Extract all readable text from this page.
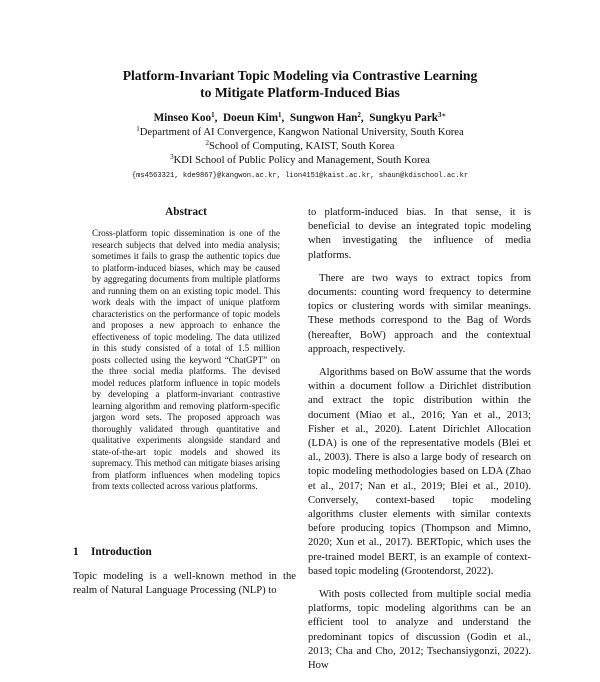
Platform-Invariant Topic Modeling via Contrastive Learning
to Mitigate Platform-Induced Bias
Minseo Koo$^1$,  Doeun Kim$^1$,  Sungwon Han$^2$,  Sungkyu Park$^{3∗}$
$^1$Department of AI Convergence, Kangwon National University, South Korea
$^2$School of Computing, KAIST, South Korea
$^3$KDI School of Public Policy and Management, South Korea
{ms4563321, kde9867}@kangwon.ac.kr, lion4151@kaist.ac.kr, shaun@kdischool.ac.kr
Abstract
Cross-platform topic dissemination is one of the research subjects that delved into media analysis; sometimes it fails to grasp the authentic topics due to platform-induced biases, which may be caused by aggregating documents from multiple platforms and running them on an existing topic model. This work deals with the impact of unique platform characteristics on the performance of topic models and proposes a new approach to enhance the effectiveness of topic modeling. The data utilized in this study consisted of a total of 1.5 million posts collected using the keyword “ChatGPT” on the three social media platforms. The devised model reduces platform influence in topic models by developing a platform-invariant contrastive learning algorithm and removing platform-specific jargon word sets. The proposed approach was thoroughly validated through quantitative and qualitative experiments alongside standard and state-of-the-art topic models and showed its supremacy. This method can mitigate biases arising from platform influences when modeling topics from texts collected across various platforms.
1 Introduction
Topic modeling is a well-known method in the realm of Natural Language Processing (NLP) to

to platform-induced bias. In that sense, it is beneficial to devise an integrated topic modeling when investigating the influence of media platforms.

There are two ways to extract topics from documents: counting word frequency to determine topics or clustering words with similar meanings. These methods correspond to the Bag of Words (hereafter, BoW) approach and the contextual approach, respectively.

Algorithms based on BoW assume that the words within a document follow a Dirichlet distribution and extract the topic distribution within the document (Miao et al., 2016; Yan et al., 2013; Fisher et al., 2020). Latent Dirichlet Allocation (LDA) is one of the representative models (Blei et al., 2003). There is also a large body of research on topic modeling methodologies based on LDA (Zhao et al., 2017; Nan et al., 2019; Blei et al., 2010). Conversely, context-based topic modeling algorithms cluster elements with similar contexts before producing topics (Thompson and Mimno, 2020; Xun et al., 2017). BERTopic, which uses the pre-trained model BERT, is an example of context-based topic modeling (Grootendorst, 2022).

With posts collected from multiple social media platforms, topic modeling algorithms can be an efficient tool to analyze and understand the predominant topics of discussion (Godin et al., 2013; Cha and Cho, 2012; Tsechansiygonzi, 2022). How
